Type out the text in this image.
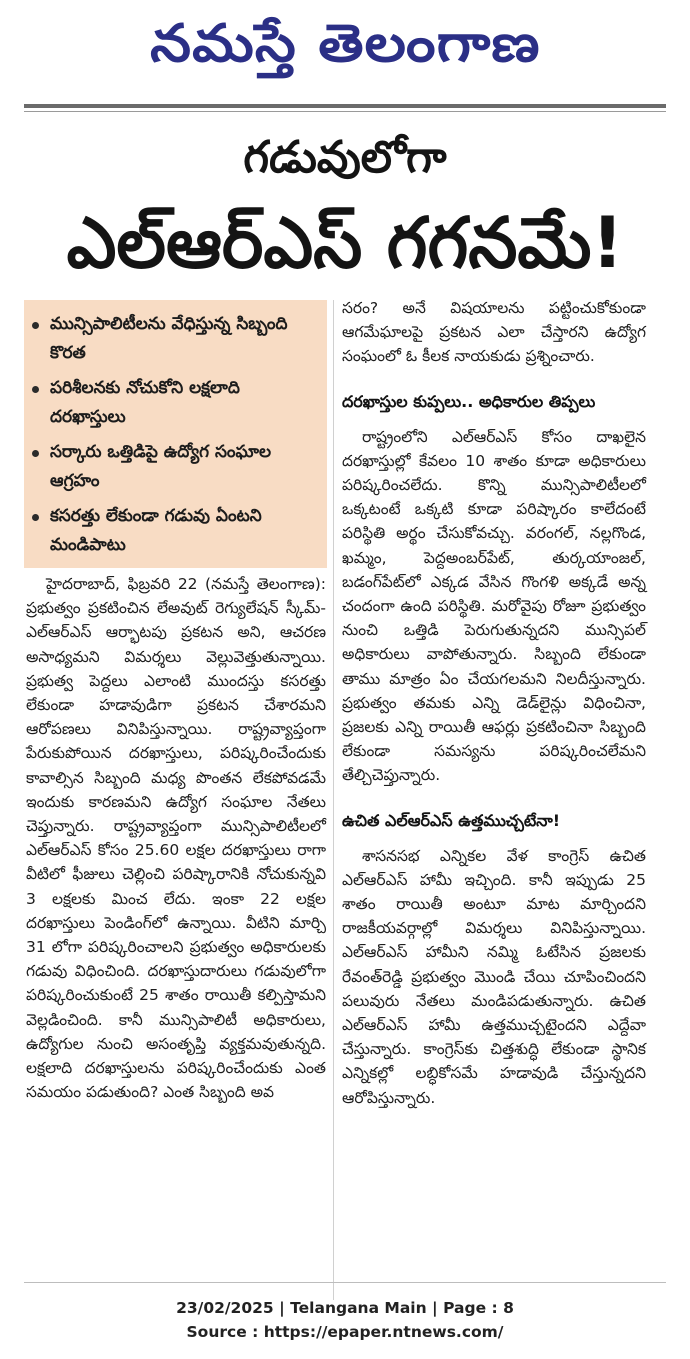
నమస్తే తెలంగాణ
గడువులోగా
ఎల్‌ఆర్‌ఎస్‌ గగనమే!
మున్సిపాలిటీలను వేధిస్తున్న సిబ్బంది కొరత
పరిశీలనకు నోచుకోని లక్షలాది దరఖాస్తులు
సర్కారు ఒత్తిడిపై ఉద్యోగ సంఘాల ఆగ్రహం
కసరత్తు లేకుండా గడువు ఏంటని మండిపాటు

హైదరాబాద్‌, ఫిబ్రవరి 22 (నమస్తే తెలంగాణ): ప్రభుత్వం ప్రకటించిన లేఅవుట్‌ రెగ్యులేషన్‌ స్కీమ్‌-ఎల్‌ఆర్‌ఎస్‌ ఆర్భాటపు ప్రకటన అని, ఆచరణ అసాధ్యమని విమర్శలు వెల్లువెత్తుతున్నాయి. ప్రభుత్వ పెద్దలు ఎలాంటి ముందస్తు కసరత్తు లేకుండా హడావుడిగా ప్రకటన చేశారమని ఆరోపణలు వినిపిస్తున్నాయి. రాష్ట్రవ్యాప్తంగా పేరుకుపోయిన దరఖాస్తులు, పరిష్కరించేందుకు కావాల్సిన సిబ్బంది మధ్య పొంతన లేకపోవడమే ఇందుకు కారణమని ఉద్యోగ సంఘాల నేతలు చెప్తున్నారు. రాష్ట్రవ్యాప్తంగా మున్సిపాలిటీలలో ఎల్‌ఆర్‌ఎస్‌ కోసం 25.60 లక్షల దరఖాస్తులు రాగా వీటిలో ఫీజులు చెల్లించి పరిష్కారానికి నోచుకున్నవి 3 లక్షలకు మించ లేదు. ఇంకా 22 లక్షల దరఖాస్తులు పెండింగ్‌లో ఉన్నాయి. వీటిని మార్చి 31 లోగా పరిష్కరించాలని ప్రభుత్వం అధికారులకు గడువు విధించింది. దరఖాస్తుదారులు గడువులోగా పరిష్కరించుకుంటే 25 శాతం రాయితీ కల్పిస్తామని వెల్లడించింది. కానీ మున్సిపాలిటీ అధికారులు, ఉద్యోగుల నుంచి అసంతృప్తి వ్యక్తమవుతున్నది. లక్షలాది దరఖాస్తులను పరిష్కరించేందుకు ఎంత సమయం పడుతుంది? ఎంత సిబ్బంది అవ

సరం? అనే విషయాలను పట్టించుకోకుండా ఆగమేఘాలపై ప్రకటన ఎలా చేస్తారని ఉద్యోగ సంఘంలో ఓ కీలక నాయకుడు ప్రశ్నించారు.

దరఖాస్తుల కుప్పలు.. అధికారుల తిప్పలు

రాష్ట్రంలోని ఎల్‌ఆర్‌ఎస్‌ కోసం దాఖలైన దరఖాస్తుల్లో కేవలం 10 శాతం కూడా అధికారులు పరిష్కరించలేదు. కొన్ని మున్సిపాలిటీలలో ఒక్కటంటే ఒక్కటి కూడా పరిష్కారం కాలేదంటే పరిస్థితి అర్థం చేసుకోవచ్చు. వరంగల్‌, నల్లగొండ, ఖమ్మం, పెద్దఅంబర్‌పేట్‌, తుర్కయాంజల్‌, బడంగ్‌పేట్‌లో ఎక్కడ వేసిన గొంగళి అక్కడే అన్న చందంగా ఉంది పరిస్థితి. మరోవైపు రోజూ ప్రభుత్వం నుంచి ఒత్తిడి పెరుగుతున్నదని మున్సిపల్‌ అధికారులు వాపోతున్నారు. సిబ్బంది లేకుండా తాము మాత్రం ఏం చేయగలమని నిలదీస్తున్నారు. ప్రభుత్వం తమకు ఎన్ని డెడ్‌లైన్లు విధించినా, ప్రజలకు ఎన్ని రాయితీ ఆఫర్లు ప్రకటించినా సిబ్బంది లేకుండా సమస్యను పరిష్కరించలేమని తేల్చిచెప్తున్నారు.

ఉచిత ఎల్‌ఆర్‌ఎస్‌ ఉత్తముచ్చటేనా!

శాసనసభ ఎన్నికల వేళ కాంగ్రెస్‌ ఉచిత ఎల్‌ఆర్‌ఎస్‌ హామీ ఇచ్చింది. కానీ ఇప్పుడు 25 శాతం రాయితీ అంటూ మాట మార్చిందని రాజకీయవర్గాల్లో విమర్శలు వినిపిస్తున్నాయి. ఎల్‌ఆర్‌ఎస్‌ హామీని నమ్మి ఓటేసిన ప్రజలకు రేవంత్‌రెడ్డి ప్రభుత్వం మొండి చేయి చూపించిందని పలువురు నేతలు మండిపడుతున్నారు. ఉచిత ఎల్‌ఆర్‌ఎస్‌ హామీ ఉత్తముచ్చటైందని ఎద్దేవా చేస్తున్నారు. కాంగ్రెస్‌కు చిత్తశుద్ధి లేకుండా స్థానిక ఎన్నికల్లో లబ్ధికోసమే హడావుడి చేస్తున్నదని ఆరోపిస్తున్నారు.

23/02/2025 | Telangana Main | Page : 8
Source : https://epaper.ntnews.com/
